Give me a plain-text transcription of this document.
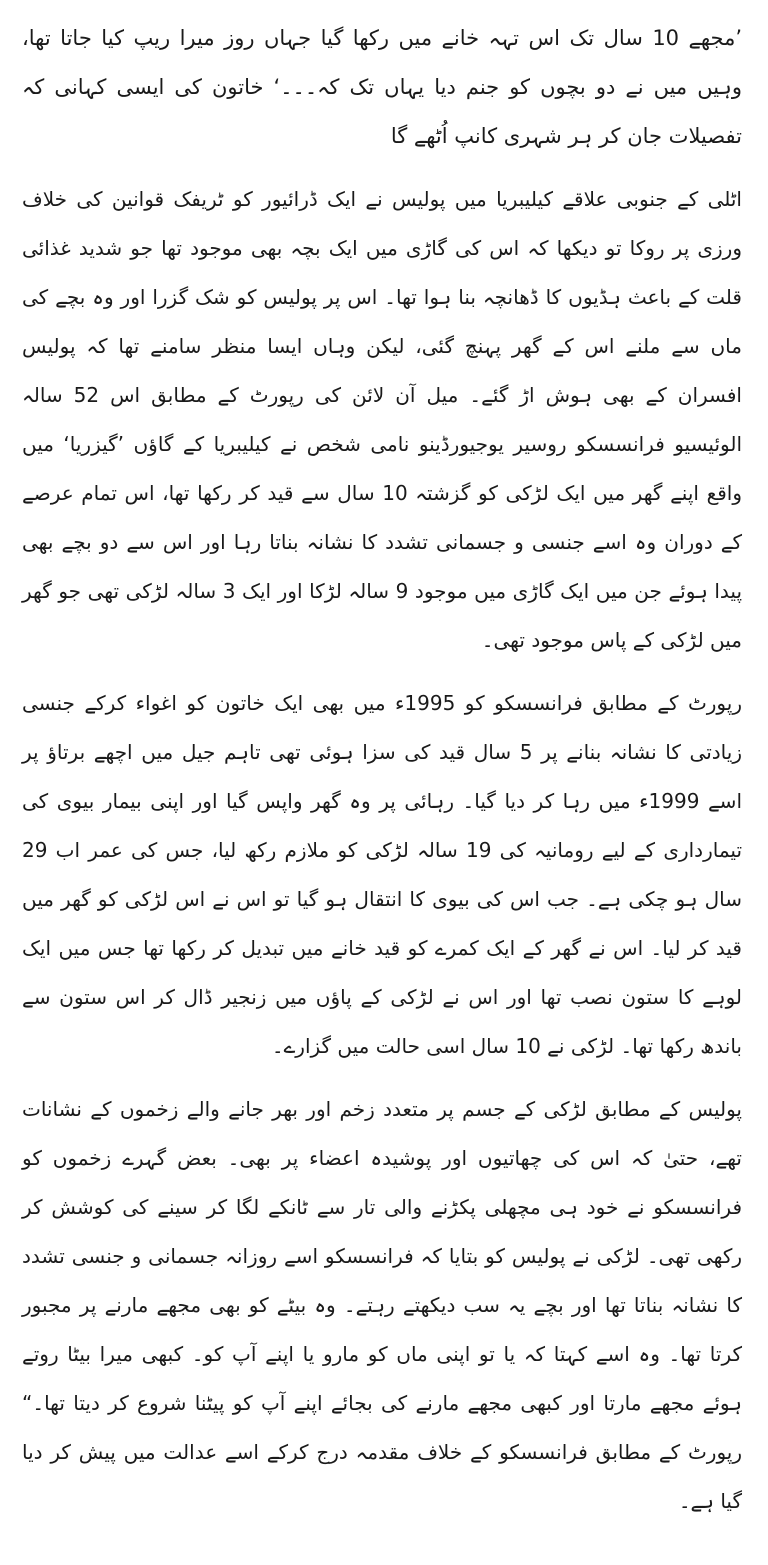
’مجھے 10 سال تک اس تہہ خانے میں رکھا گیا جہاں روز میرا ریپ کیا جاتا تھا، وہیں میں نے دو بچوں کو جنم دیا یہاں تک کہ۔۔۔‘ خاتون کی ایسی کہانی کہ تفصیلات جان کر ہر شہری کانپ اُٹھے گا

اٹلی کے جنوبی علاقے کیلیبریا میں پولیس نے ایک ڈرائیور کو ٹریفک قوانین کی خلاف ورزی پر روکا تو دیکھا کہ اس کی گاڑی میں ایک بچہ بھی موجود تھا جو شدید غذائی قلت کے باعث ہڈیوں کا ڈھانچہ بنا ہوا تھا۔ اس پر پولیس کو شک گزرا اور وہ بچے کی ماں سے ملنے اس کے گھر پہنچ گئی، لیکن وہاں ایسا منظر سامنے تھا کہ پولیس افسران کے بھی ہوش اڑ گئے۔ میل آن لائن کی رپورٹ کے مطابق اس 52 سالہ الوئیسیو فرانسسکو روسیر یوجیورڈینو نامی شخص نے کیلیبریا کے گاؤں ’گیزریا‘ میں واقع اپنے گھر میں ایک لڑکی کو گزشتہ 10 سال سے قید کر رکھا تھا، اس تمام عرصے کے دوران وہ اسے جنسی و جسمانی تشدد کا نشانہ بناتا رہا اور اس سے دو بچے بھی پیدا ہوئے جن میں ایک گاڑی میں موجود 9 سالہ لڑکا اور ایک 3 سالہ لڑکی تھی جو گھر میں لڑکی کے پاس موجود تھی۔

رپورٹ کے مطابق فرانسسکو کو 1995ء میں بھی ایک خاتون کو اغواء کرکے جنسی زیادتی کا نشانہ بنانے پر 5 سال قید کی سزا ہوئی تھی تاہم جیل میں اچھے برتاؤ پر اسے 1999ء میں رہا کر دیا گیا۔ رہائی پر وہ گھر واپس گیا اور اپنی بیمار بیوی کی تیمارداری کے لیے رومانیہ کی 19 سالہ لڑکی کو ملازم رکھ لیا، جس کی عمر اب 29 سال ہو چکی ہے۔ جب اس کی بیوی کا انتقال ہو گیا تو اس نے اس لڑکی کو گھر میں قید کر لیا۔ اس نے گھر کے ایک کمرے کو قید خانے میں تبدیل کر رکھا تھا جس میں ایک لوہے کا ستون نصب تھا اور اس نے لڑکی کے پاؤں میں زنجیر ڈال کر اس ستون سے باندھ رکھا تھا۔ لڑکی نے 10 سال اسی حالت میں گزارے۔

پولیس کے مطابق لڑکی کے جسم پر متعدد زخم اور بھر جانے والے زخموں کے نشانات تھے، حتیٰ کہ اس کی چھاتیوں اور پوشیدہ اعضاء پر بھی۔ بعض گہرے زخموں کو فرانسسکو نے خود ہی مچھلی پکڑنے والی تار سے ٹانکے لگا کر سینے کی کوشش کر رکھی تھی۔ لڑکی نے پولیس کو بتایا کہ فرانسسکو اسے روزانہ جسمانی و جنسی تشدد کا نشانہ بناتا تھا اور بچے یہ سب دیکھتے رہتے۔ وہ بیٹے کو بھی مجھے مارنے پر مجبور کرتا تھا۔ وہ اسے کہتا کہ یا تو اپنی ماں کو مارو یا اپنے آپ کو۔ کبھی میرا بیٹا روتے ہوئے مجھے مارتا اور کبھی مجھے مارنے کی بجائے اپنے آپ کو پیٹنا شروع کر دیتا تھا۔“ رپورٹ کے مطابق فرانسسکو کے خلاف مقدمہ درج کرکے اسے عدالت میں پیش کر دیا گیا ہے۔
